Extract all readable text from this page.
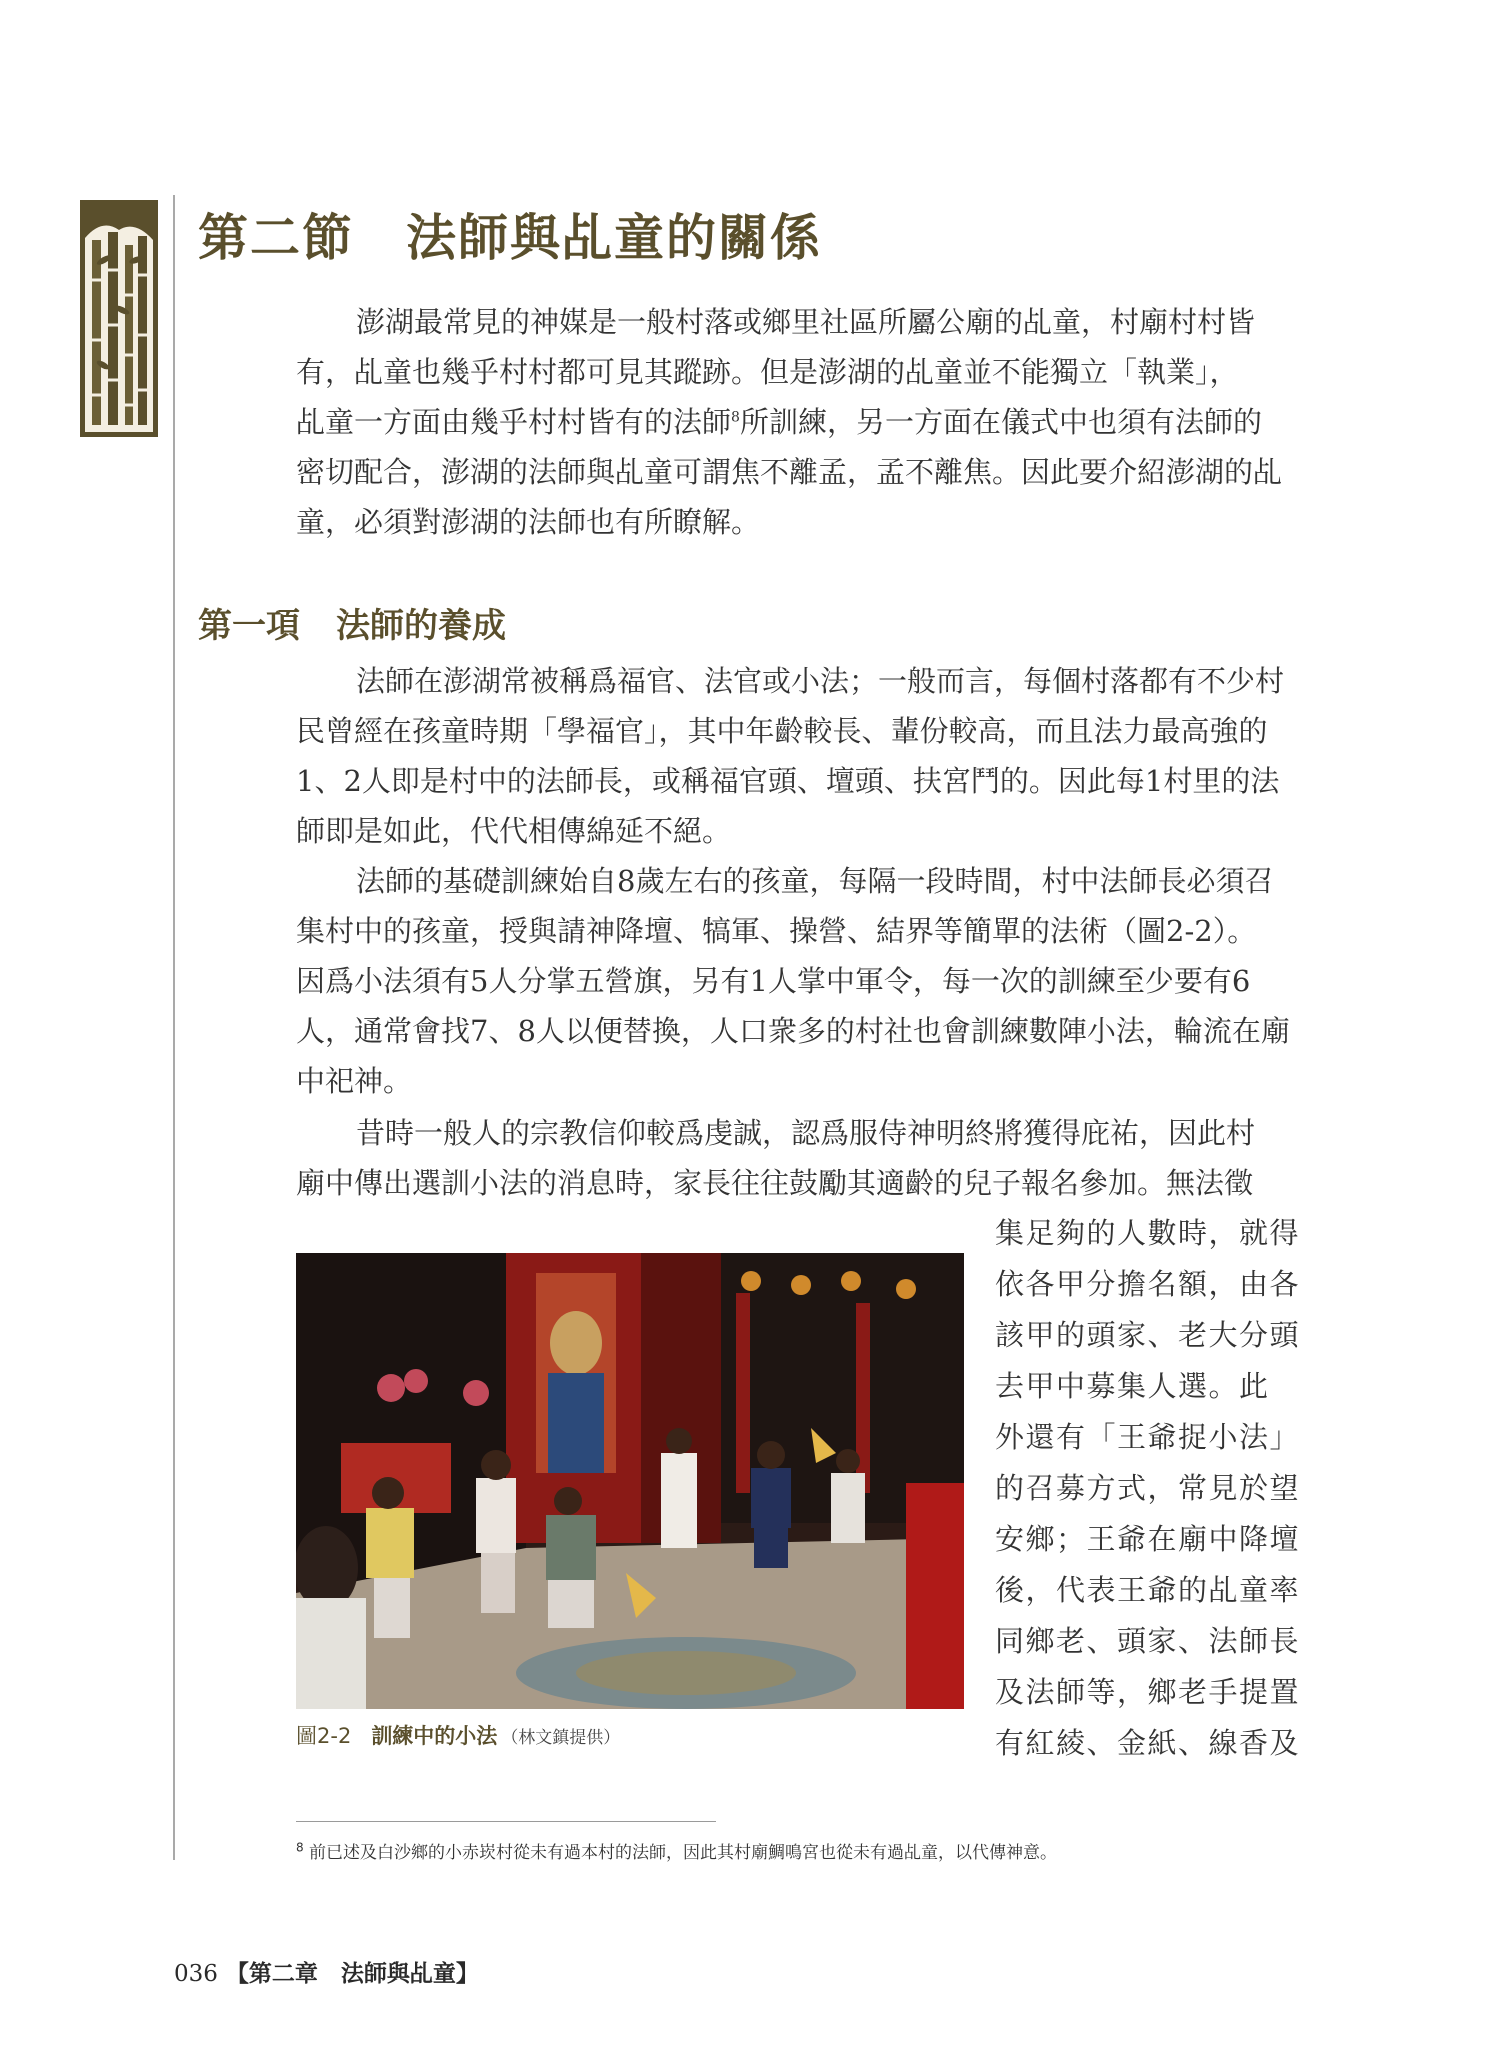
第二節 法師與乩童的關係

澎湖最常見的神媒是一般村落或鄉里社區所屬公廟的乩童，村廟村村皆
有，乩童也幾乎村村都可見其蹤跡。但是澎湖的乩童並不能獨立「執業」，
乩童一方面由幾乎村村皆有的法師$^8$所訓練，另一方面在儀式中也須有法師的
密切配合，澎湖的法師與乩童可謂焦不離孟，孟不離焦。因此要介紹澎湖的乩
童，必須對澎湖的法師也有所瞭解。

第一項 法師的養成

法師在澎湖常被稱爲福官、法官或小法；一般而言，每個村落都有不少村
民曾經在孩童時期「學福官」，其中年齡較長、輩份較高，而且法力最高強的
1、2人即是村中的法師長，或稱福官頭、壇頭、扶宮鬥的。因此每1村里的法
師即是如此，代代相傳綿延不絕。

法師的基礎訓練始自8歲左右的孩童，每隔一段時間，村中法師長必須召
集村中的孩童，授與請神降壇、犒軍、操營、結界等簡單的法術（圖2-2）。
因爲小法須有5人分掌五營旗，另有1人掌中軍令，每一次的訓練至少要有6
人，通常會找7、8人以便替換，人口衆多的村社也會訓練數陣小法，輪流在廟
中祀神。

昔時一般人的宗教信仰較爲虔誠，認爲服侍神明終將獲得庇祐，因此村
廟中傳出選訓小法的消息時，家長往往鼓勵其適齡的兒子報名參加。無法徵

集足夠的人數時，就得
依各甲分擔名額，由各
該甲的頭家、老大分頭
去甲中募集人選。此
外還有「王爺捉小法」
的召募方式，常見於望
安鄉；王爺在廟中降壇
後，代表王爺的乩童率
同鄉老、頭家、法師長
及法師等，鄉老手提置
有紅綾、金紙、線香及

圖2-2 訓練中的小法 （林文鎮提供）

$^8$ 前已述及白沙鄉的小赤崁村從未有過本村的法師，因此其村廟鯛鳴宮也從未有過乩童，以代傳神意。

036 【第二章　法師與乩童】
